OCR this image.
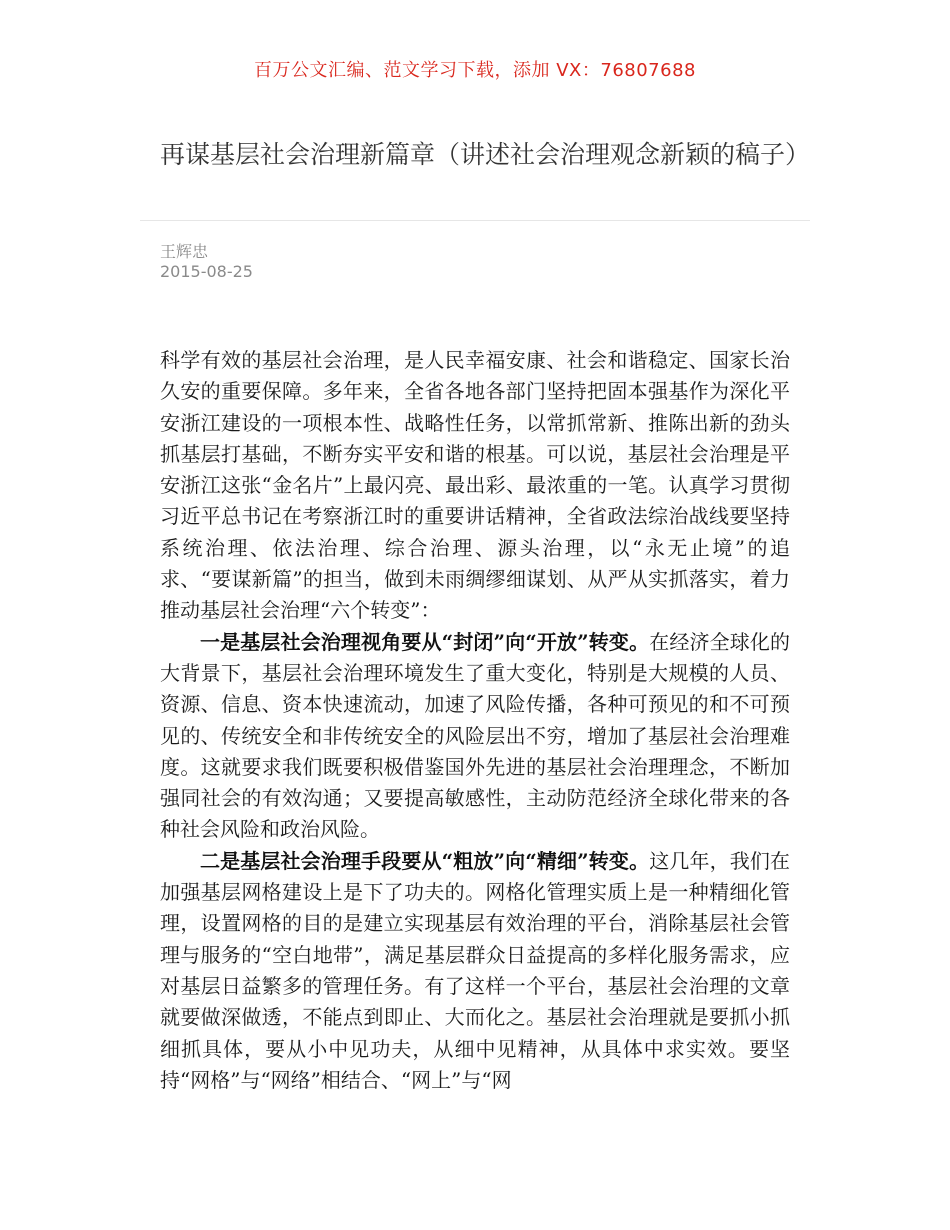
百万公文汇编、范文学习下载，添加 VX：76807688
再谋基层社会治理新篇章（讲述社会治理观念新颖的稿子）
王辉忠
2015-08-25

科学有效的基层社会治理，是人民幸福安康、社会和谐稳定、国家长治久安的重要保障。多年来，全省各地各部门坚持把固本强基作为深化平安浙江建设的一项根本性、战略性任务，以常抓常新、推陈出新的劲头抓基层打基础，不断夯实平安和谐的根基。可以说，基层社会治理是平安浙江这张“金名片”上最闪亮、最出彩、最浓重的一笔。认真学习贯彻习近平总书记在考察浙江时的重要讲话精神，全省政法综治战线要坚持系统治理、依法治理、综合治理、源头治理，以“永无止境”的追求、“要谋新篇”的担当，做到未雨绸缪细谋划、从严从实抓落实，着力推动基层社会治理“六个转变”：

一是基层社会治理视角要从“封闭”向“开放”转变。在经济全球化的大背景下，基层社会治理环境发生了重大变化，特别是大规模的人员、资源、信息、资本快速流动，加速了风险传播，各种可预见的和不可预见的、传统安全和非传统安全的风险层出不穷，增加了基层社会治理难度。这就要求我们既要积极借鉴国外先进的基层社会治理理念，不断加强同社会的有效沟通；又要提高敏感性，主动防范经济全球化带来的各种社会风险和政治风险。

二是基层社会治理手段要从“粗放”向“精细”转变。这几年，我们在加强基层网格建设上是下了功夫的。网格化管理实质上是一种精细化管理，设置网格的目的是建立实现基层有效治理的平台，消除基层社会管理与服务的“空白地带”，满足基层群众日益提高的多样化服务需求，应对基层日益繁多的管理任务。有了这样一个平台，基层社会治理的文章就要做深做透，不能点到即止、大而化之。基层社会治理就是要抓小抓细抓具体，要从小中见功夫，从细中见精神，从具体中求实效。要坚持“网格”与“网络”相结合、“网上”与“网
